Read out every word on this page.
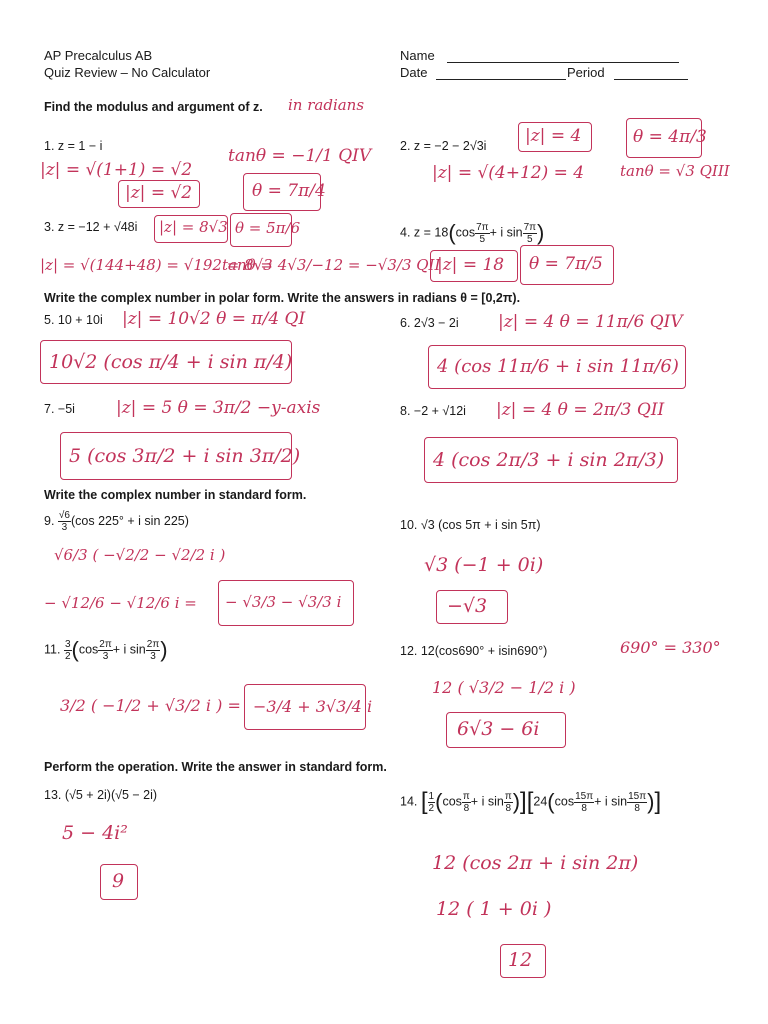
AP Precalculus AB
Quiz Review – No Calculator
Name
Date	Period
Find the modulus and argument of z. in radians
1. z = 1 − i
|z| = √(1+1) = √2
tanθ = −1/1 QIV
|z| = √2	θ = 7π/4
2. z = −2 − 2√3i |z| = 4	θ = 4π/3
|z| = √(4+12) = 4 tanθ = √3 QIII
3. z = −12 + √48i |z| = 8√3 θ = 5π/6
|z| = √(144+48) = √192 = 8√3
tanθ = 4√3/−12 = −√3/3 QII
4. $z = 18(\cos \frac{7\pi}{5} + i$ $\sin \frac{7\pi}{5}$ )
|z| = 18 θ = 7π/5
Write the complex number in polar form. Write the answers in radians θ = [0,2π).
5. 10 + 10i |z| = 10√2 θ = π/4 QI
10√2 (cos π/4 + i sin π/4)
6. 2√3 − 2i |z| = 4 θ = 11π/6 QIV
4 (cos 11π/6 + i sin 11π/6)
7. −5i |z| = 5 θ = 3π/2 −y-axis
5 (cos 3π/2 + i sin 3π/2)
8. −2 + √12i |z| = 4 θ = 2π/3 QII
4 (cos 2π/3 + i sin 2π/3)
Write the complex number in standard form.
9. $\frac{√6}{3} (\cos$ 225° + i sin 225)
√6/3 ( −√2/2 − √2/2 i )
− √12/6 − √12/6 i = − √3/3 − √3/3 i
10. √3 (cos 5π + i sin 5π)
√3 (−1 + 0i)
−√3
11. $\frac{3}{2} (\cos \frac{2\pi}{3} + i$ $\sin \frac{2\pi}{3}$ )
3/2 ( −1/2 + √3/2 i ) = −3/4 + 3√3/4 i
12. 12(cos690° + isin690°)	690° = 330°
12 ( √3/2 − 1/2 i )
6√3 − 6i
Perform the operation. Write the answer in standard form.
13. (√5 + 2i)(√5 − 2i)
5 − 4i²
9
14. [ $\frac{1}{2} (\cos \frac{\pi}{8} + i$ $\sin \frac{\pi}{8} )][24(\cos \frac{15\pi}{8} + i$ $\sin \frac{15\pi}{8}$ )]
12 (cos 2π + i sin 2π)
12 ( 1 + 0i )
12
